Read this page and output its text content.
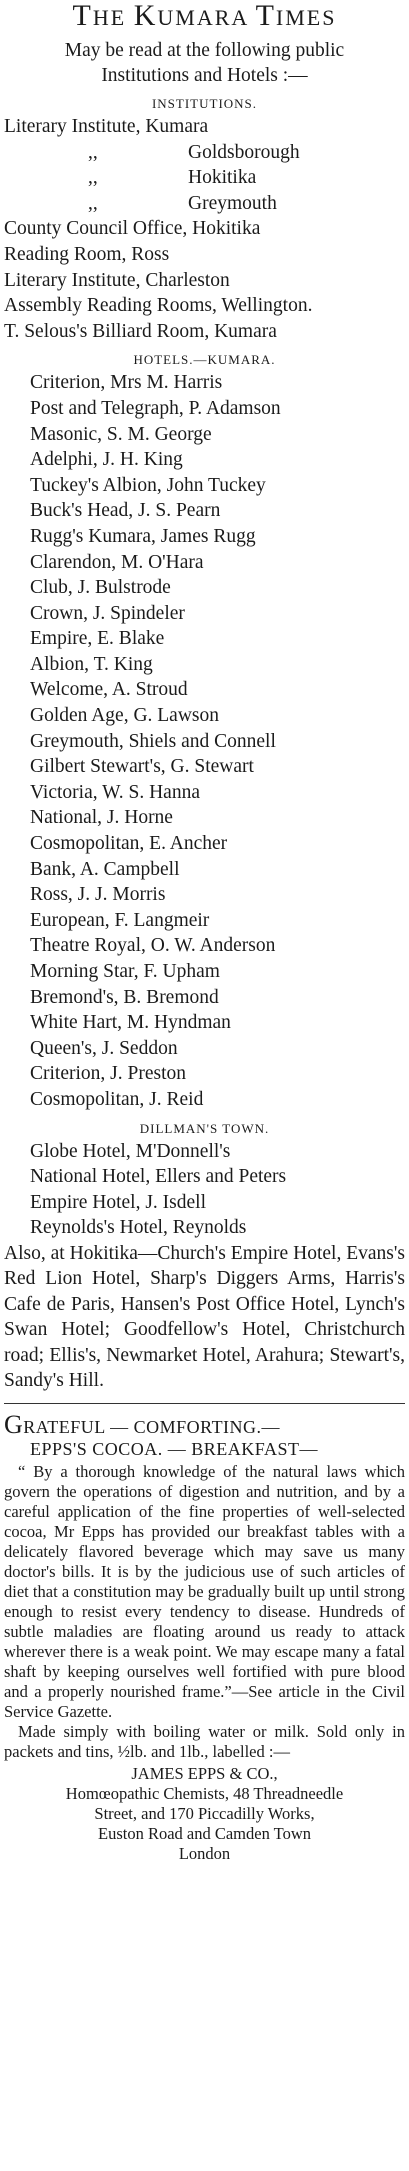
THE KUMARA TIMES
May be read at the following public
Institutions and Hotels :—
INSTITUTIONS.
Literary Institute, Kumara
,,	Goldsborough
,,	Hokitika
,,	Greymouth
County Council Office, Hokitika
Reading Room, Ross
Literary Institute, Charleston
Assembly Reading Rooms, Wellington.
T. Selous's Billiard Room, Kumara
HOTELS.—KUMARA.
Criterion, Mrs M. Harris
Post and Telegraph, P. Adamson
Masonic, S. M. George
Adelphi, J. H. King
Tuckey's Albion, John Tuckey
Buck's Head, J. S. Pearn
Rugg's Kumara, James Rugg
Clarendon, M. O'Hara
Club, J. Bulstrode
Crown, J. Spindeler
Empire, E. Blake
Albion, T. King
Welcome, A. Stroud
Golden Age, G. Lawson
Greymouth, Shiels and Connell
Gilbert Stewart's, G. Stewart
Victoria, W. S. Hanna
National, J. Horne
Cosmopolitan, E. Ancher
Bank, A. Campbell
Ross, J. J. Morris
European, F. Langmeir
Theatre Royal, O. W. Anderson
Morning Star, F. Upham
Bremond's, B. Bremond
White Hart, M. Hyndman
Queen's, J. Seddon
Criterion, J. Preston
Cosmopolitan, J. Reid
DILLMAN'S TOWN.
Globe Hotel, M'Donnell's
National Hotel, Ellers and Peters
Empire Hotel, J. Isdell
Reynolds's Hotel, Reynolds

Also, at Hokitika—Church's Empire Hotel, Evans's Red Lion Hotel, Sharp's Diggers Arms, Harris's Cafe de Paris, Hansen's Post Office Hotel, Lynch's Swan Hotel; Goodfellow's Hotel, Christchurch road; Ellis's, Newmarket Hotel, Arahura; Stewart's, Sandy's Hill.

GRATEFUL — COMFORTING.—
EPPS'S COCOA. — BREAKFAST—

“ By a thorough knowledge of the natural laws which govern the operations of digestion and nutrition, and by a careful application of the fine properties of well-selected cocoa, Mr Epps has provided our breakfast tables with a delicately flavored beverage which may save us many doctor's bills. It is by the judicious use of such articles of diet that a constitution may be gradually built up until strong enough to resist every tendency to disease. Hundreds of subtle maladies are floating around us ready to attack wherever there is a weak point. We may escape many a fatal shaft by keeping ourselves well fortified with pure blood and a properly nourished frame.”—See article in the Civil Service Gazette.

Made simply with boiling water or milk. Sold only in packets and tins, ½lb. and 1lb., labelled :—

JAMES EPPS & CO.,
Homœopathic Chemists, 48 Threadneedle
Street, and 170 Piccadilly Works,
Euston Road and Camden Town
London
